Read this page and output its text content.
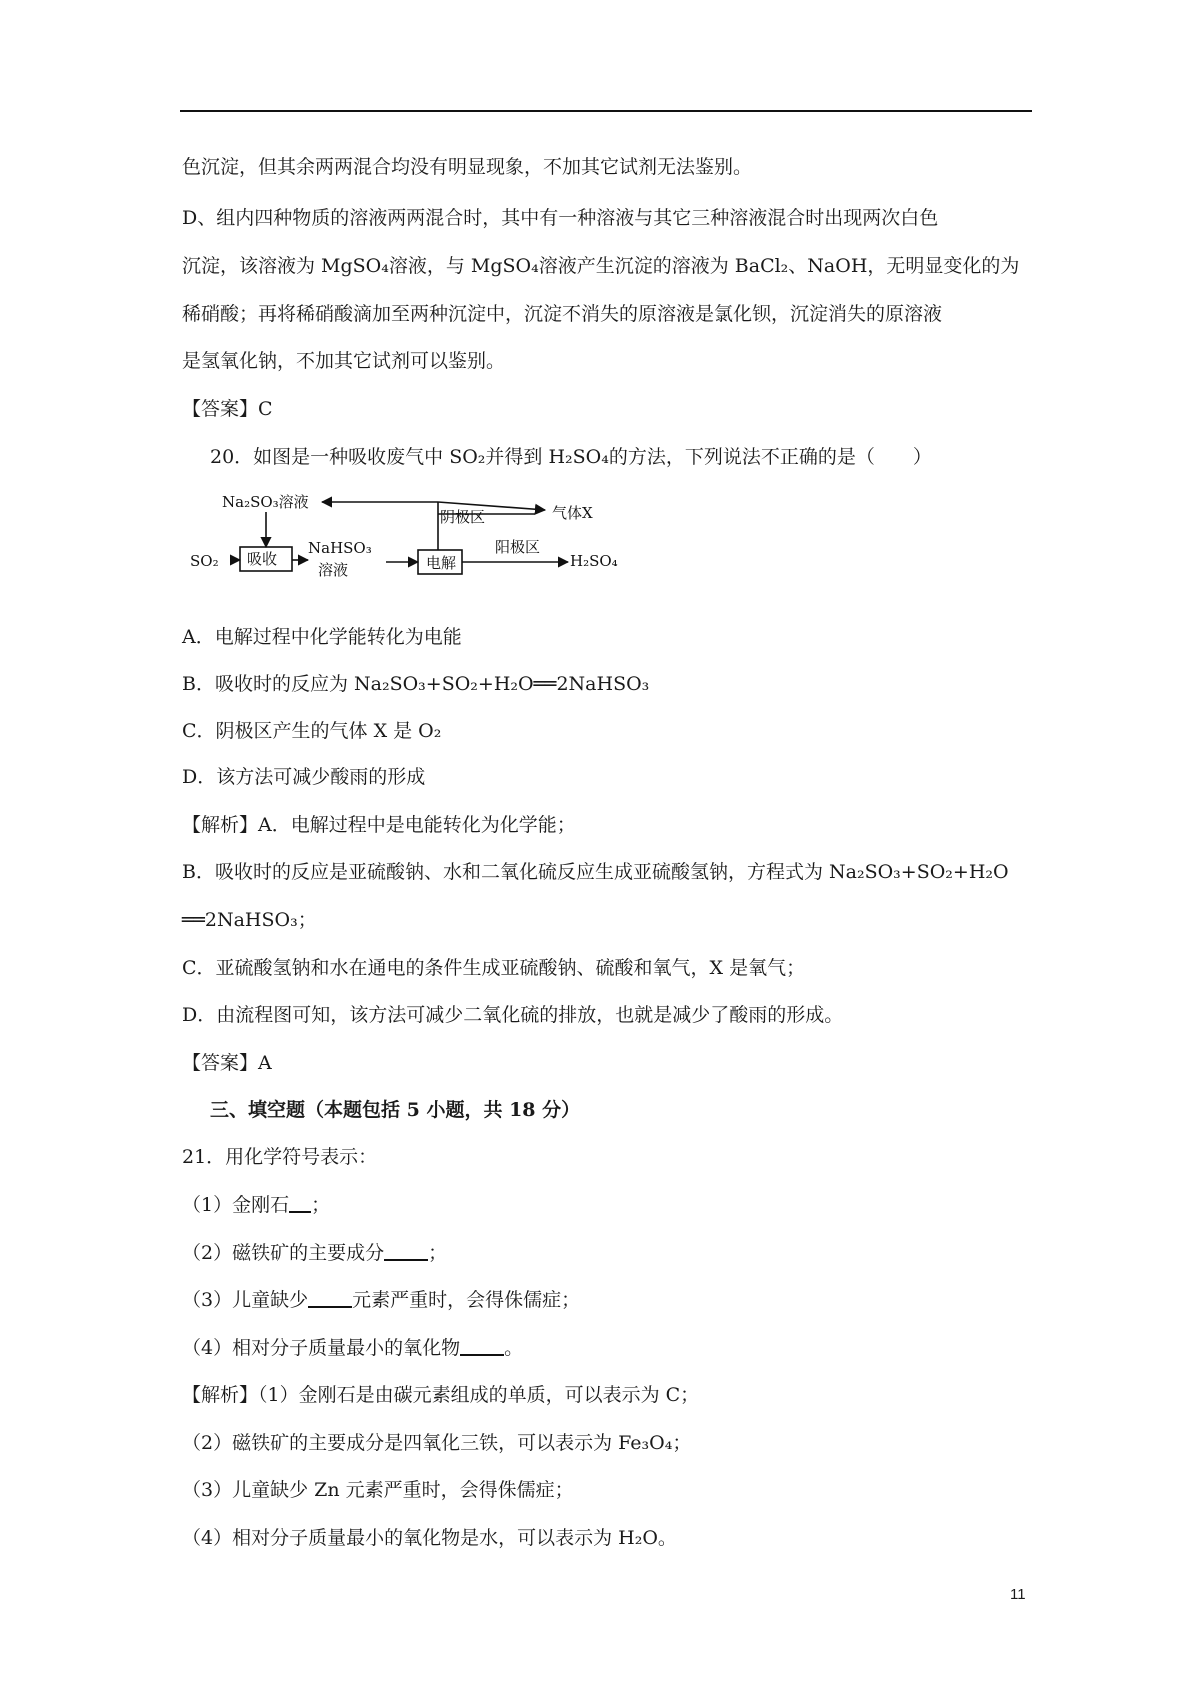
色沉淀，但其余两两混合均没有明显现象，不加其它试剂无法鉴别。
D、组内四种物质的溶液两两混合时，其中有一种溶液与其它三种溶液混合时出现两次白色
沉淀，该溶液为 MgSO₄溶液，与 MgSO₄溶液产生沉淀的溶液为 BaCl₂、NaOH，无明显变化的为
稀硝酸；再将稀硝酸滴加至两种沉淀中，沉淀不消失的原溶液是氯化钡，沉淀消失的原溶液
是氢氧化钠，不加其它试剂可以鉴别。
【答案】C
20．如图是一种吸收废气中 SO₂并得到 H₂SO₄的方法，下列说法不正确的是（　　）
Na₂SO₃溶液
气体X
阴极区
阳极区
SO₂ 吸收
NaHSO₃
溶液	电解	H₂SO₄
A．电解过程中化学能转化为电能
B．吸收时的反应为 Na₂SO₃+SO₂+H₂O══2NaHSO₃
C．阴极区产生的气体 X 是 O₂
D．该方法可减少酸雨的形成
【解析】A．电解过程中是电能转化为化学能；
B．吸收时的反应是亚硫酸钠、水和二氧化硫反应生成亚硫酸氢钠，方程式为 Na₂SO₃+SO₂+H₂O
══2NaHSO₃；
C．亚硫酸氢钠和水在通电的条件生成亚硫酸钠、硫酸和氧气，X 是氧气；
D．由流程图可知，该方法可减少二氧化硫的排放，也就是减少了酸雨的形成。
【答案】A
三、填空题（本题包括 5 小题，共 18 分）
21．用化学符号表示：
（1）金刚石 ；
（2）磁铁矿的主要成分 ；
（3）儿童缺少 元素严重时，会得侏儒症；
（4）相对分子质量最小的氧化物 。
【解析】（1）金刚石是由碳元素组成的单质，可以表示为 C；
（2）磁铁矿的主要成分是四氧化三铁，可以表示为 Fe₃O₄；
（3）儿童缺少 Zn 元素严重时，会得侏儒症；
（4）相对分子质量最小的氧化物是水，可以表示为 H₂O。
11
